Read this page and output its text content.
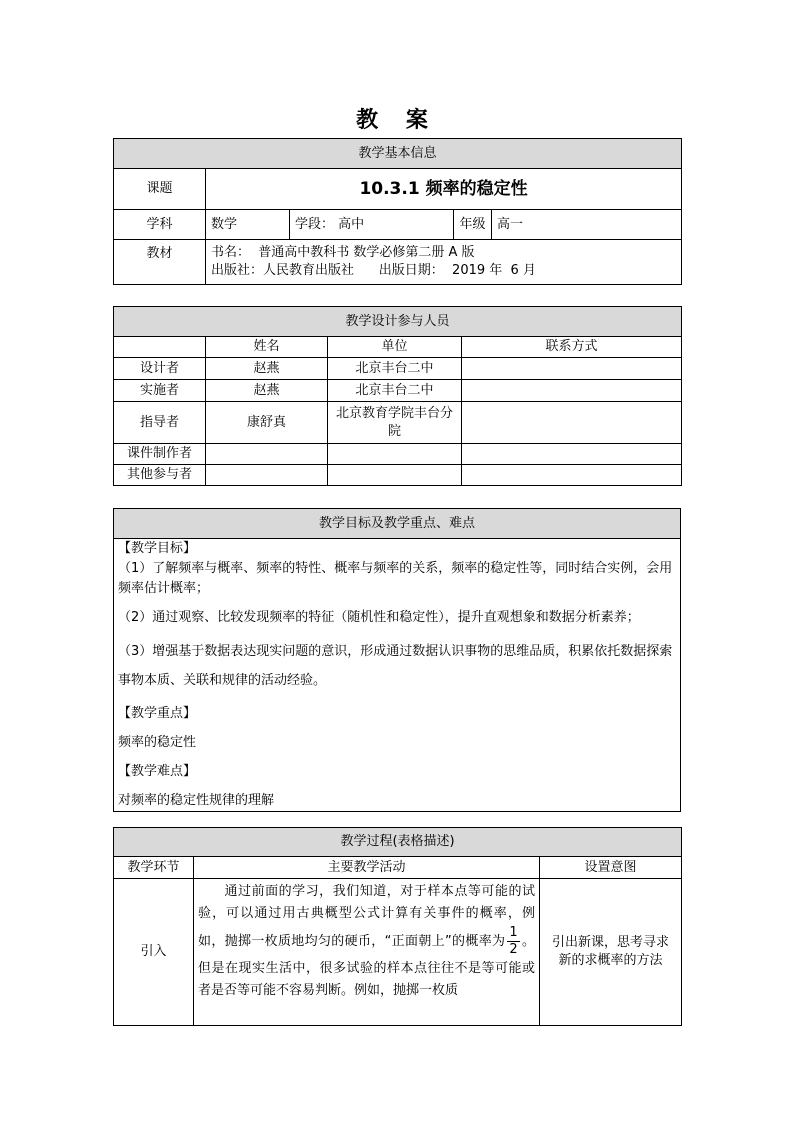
教 案
教学基本信息				
课题	10.3.1 频率的稳定性			
学科	数学	学段： 高中	年级	高一
教材	书名：  普通高中教科书 数学必修第二册 A 版
出版社：人民教育出版社      出版日期：  2019 年  6 月			
教学设计参与人员			
	姓名	单位	联系方式
设计者	赵燕	北京丰台二中	
实施者	赵燕	北京丰台二中	
指导者	康舒真	北京教育学院丰台分院	
课件制作者			
其他参与者			
教学目标及教学重点、难点

【教学目标】

（1）了解频率与概率、频率的特性、概率与频率的关系，频率的稳定性等，同时结合实例，会用频率估计概率；

（2）通过观察、比较发现频率的特征（随机性和稳定性），提升直观想象和数据分析素养；

（3）增强基于数据表达现实问题的意识，形成通过数据认识事物的思维品质，积累依托数据探索事物本质、关联和规律的活动经验。

【教学重点】

频率的稳定性

【教学难点】

对频率的稳定性规律的理解

教学过程(表格描述)		
教学环节	主要教学活动	设置意图
引入	通过前面的学习，我们知道，对于样本点等可能的试验，可以通过用古典概型公式计算有关事件的概率，例如，抛掷一枚质地均匀的硬币，“正面朝上”的概率为 $\frac{1}{2}$ 。但是在现实生活中，很多试验的样本点往往不是等可能或者是否等可能不容易判断。例如，抛掷一枚质	引出新课，思考寻求新的求概率的方法
